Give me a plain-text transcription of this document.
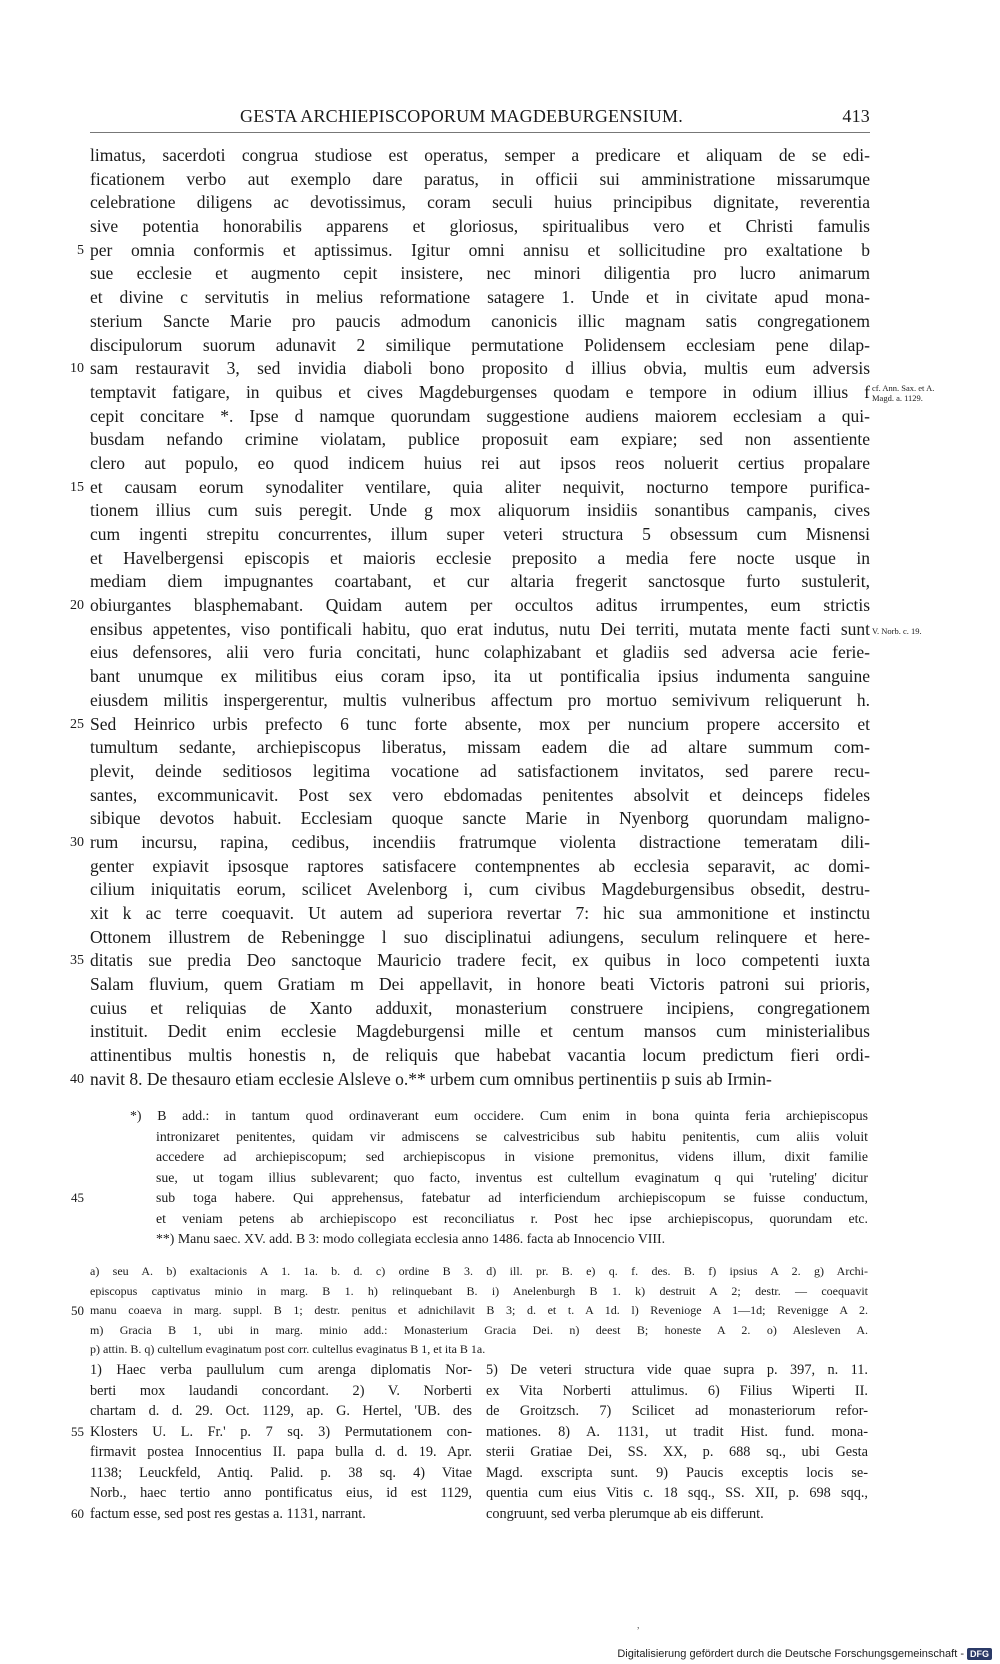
GESTA ARCHIEPISCOPORUM MAGDEBURGENSIUM.	413
limatus, sacerdoti congrua studiose est operatus, semper a predicare et aliquam de se edi-
ficationem verbo aut exemplo dare paratus, in officii sui amministratione missarumque
celebratione diligens ac devotissimus, coram seculi huius principibus dignitate, reverentia
sive potentia honorabilis apparens et gloriosus, spiritualibus vero et Christi famulis
5 per omnia conformis et aptissimus. Igitur omni annisu et sollicitudine pro exaltatione b
sue ecclesie et augmento cepit insistere, nec minori diligentia pro lucro animarum
et divine c servitutis in melius reformatione satagere 1. Unde et in civitate apud mona-
sterium Sancte Marie pro paucis admodum canonicis illic magnam satis congregationem
discipulorum suorum adunavit 2 similique permutatione Polidensem ecclesiam pene dilap-
10 sam restauravit 3, sed invidia diaboli bono proposito d illius obvia, multis eum adversis
temptavit fatigare, in quibus et cives Magdeburgenses quodam e tempore in odium illius f cf. Ann. Sax. et A. Magd. a. 1129.
cepit concitare *. Ipse d namque quorundam suggestione audiens maiorem ecclesiam a qui-
busdam nefando crimine violatam, publice proposuit eam expiare; sed non assentiente
clero aut populo, eo quod indicem huius rei aut ipsos reos noluerit certius propalare
15 et causam eorum synodaliter ventilare, quia aliter nequivit, nocturno tempore purifica-
tionem illius cum suis peregit. Unde g mox aliquorum insidiis sonantibus campanis, cives
cum ingenti strepitu concurrentes, illum super veteri structura 5 obsessum cum Misnensi
et Havelbergensi episcopis et maioris ecclesie preposito a media fere nocte usque in
mediam diem impugnantes coartabant, et cur altaria fregerit sanctosque furto sustulerit,
20 obiurgantes blasphemabant. Quidam autem per occultos aditus irrumpentes, eum strictis
ensibus appetentes, viso pontificali habitu, quo erat indutus, nutu Dei territi, mutata mente facti sunt V. Norb. c. 19.
eius defensores, alii vero furia concitati, hunc colaphizabant et gladiis sed adversa acie ferie-
bant unumque ex militibus eius coram ipso, ita ut pontificalia ipsius indumenta sanguine
eiusdem militis inspergerentur, multis vulneribus affectum pro mortuo semivivum reliquerunt h.
25 Sed Heinrico urbis prefecto 6 tunc forte absente, mox per nuncium propere accersito et
tumultum sedante, archiepiscopus liberatus, missam eadem die ad altare summum com-
plevit, deinde seditiosos legitima vocatione ad satisfactionem invitatos, sed parere recu-
santes, excommunicavit. Post sex vero ebdomadas penitentes absolvit et deinceps fideles
sibique devotos habuit. Ecclesiam quoque sancte Marie in Nyenborg quorundam maligno-
30 rum incursu, rapina, cedibus, incendiis fratrumque violenta distractione temeratam dili-
genter expiavit ipsosque raptores satisfacere contempnentes ab ecclesia separavit, ac domi-
cilium iniquitatis eorum, scilicet Avelenborg i, cum civibus Magdeburgensibus obsedit, destru-
xit k ac terre coequavit. Ut autem ad superiora revertar 7: hic sua ammonitione et instinctu
Ottonem illustrem de Rebeningge l suo disciplinatui adiungens, seculum relinquere et here-
35 ditatis sue predia Deo sanctoque Mauricio tradere fecit, ex quibus in loco competenti iuxta
Salam fluvium, quem Gratiam m Dei appellavit, in honore beati Victoris patroni sui prioris,
cuius et reliquias de Xanto adduxit, monasterium construere incipiens, congregationem
instituit. Dedit enim ecclesie Magdeburgensi mille et centum mansos cum ministerialibus
attinentibus multis honestis n, de reliquis que habebat vacantia locum predictum fieri ordi-
40 navit 8. De thesauro etiam ecclesie Alsleve o.** urbem cum omnibus pertinentiis p suis ab Irmin-
*) B add.: in tantum quod ordinaverant eum occidere. Cum enim in bona quinta feria archiepiscopus
intronizaret penitentes, quidam vir admiscens se calvestricibus sub habitu penitentis, cum aliis voluit
accedere ad archiepiscopum; sed archiepiscopus in visione premonitus, videns illum, dixit familie
sue, ut togam illius sublevarent; quo facto, inventus est cultellum evaginatum q qui 'ruteling' dicitur
45	sub toga habere. Qui apprehensus, fatebatur ad interficiendum archiepiscopum se fuisse conductum,
et veniam petens ab archiepiscopo est reconciliatus r. Post hec ipse archiepiscopus, quorundam etc.
**) Manu saec. XV. add. B 3: modo collegiata ecclesia anno 1486. facta ab Innocencio VIII.
a) seu A. b) exaltacionis A 1. 1a. b. d. c) ordine B 3. d) ill. pr. B. e) q. f. des. B. f) ipsius A 2. g) Archi-
episcopus captivatus minio in marg. B 1. h) relinquebant B. i) Anelenburgh B 1. k) destruit A 2; destr. — coequavit
50 manu coaeva in marg. suppl. B 1; destr. penitus et adnichilavit B 3; d. et t. A 1d. l) Revenioge A 1—1d; Revenigge A 2.
m) Gracia B 1, ubi in marg. minio add.: Monasterium Gracia Dei. n) deest B; honeste A 2. o) Alesleven A.
p) attin. B. q) cultellum evaginatum post corr. cultellus evaginatus B 1, et ita B 1a.
55
60
1) Haec verba paullulum cum arenga diplomatis Nor-
berti mox laudandi concordant. 2) V. Norberti
chartam d. d. 29. Oct. 1129, ap. G. Hertel, 'UB. des
Klosters U. L. Fr.' p. 7 sq. 3) Permutationem con-
firmavit postea Innocentius II. papa bulla d. d. 19. Apr.
1138; Leuckfeld, Antiq. Palid. p. 38 sq. 4) Vitae
Norb., haec tertio anno pontificatus eius, id est 1129,
factum esse, sed post res gestas a. 1131, narrant.
5) De veteri structura vide quae supra p. 397, n. 11.
ex Vita Norberti attulimus. 6) Filius Wiperti II.
de Groitzsch. 7) Scilicet ad monasteriorum refor-
mationes. 8) A. 1131, ut tradit Hist. fund. mona-
sterii Gratiae Dei, SS. XX, p. 688 sq., ubi Gesta
Magd. exscripta sunt. 9) Paucis exceptis locis se-
quentia cum eius Vitis c. 18 sqq., SS. XII, p. 698 sqq.,
congruunt, sed verba plerumque ab eis differunt.
,
Digitalisierung gefördert durch die Deutsche Forschungsgemeinschaft - DFG
